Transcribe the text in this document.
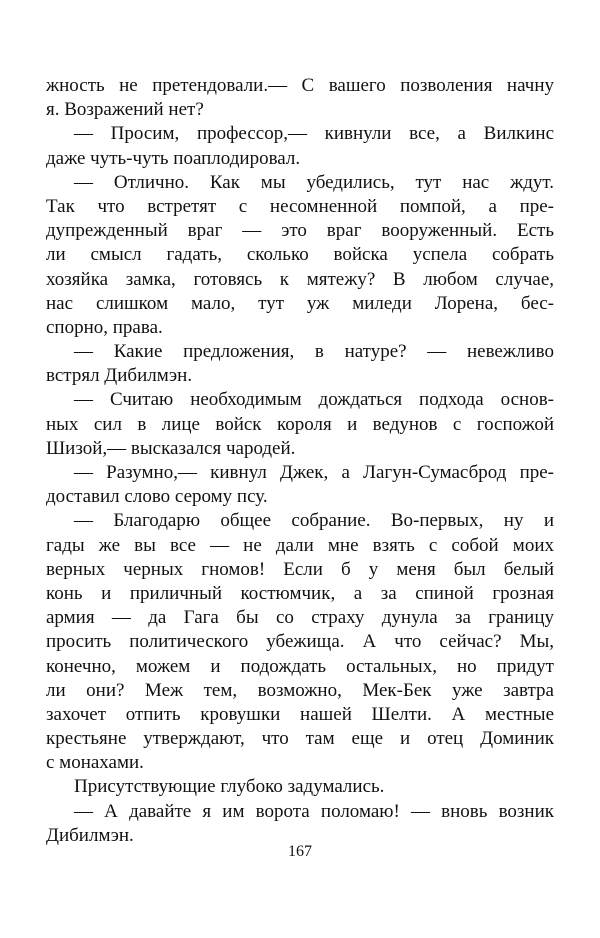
жность не претендовали.— С вашего позволения начну
я. Возражений нет?
— Просим, профессор,— кивнули все, а Вилкинс
даже чуть-чуть поаплодировал.
— Отлично. Как мы убедились, тут нас ждут.
Так что встретят с несомненной помпой, а пре-
дупрежденный враг — это враг вооруженный. Есть
ли смысл гадать, сколько войска успела собрать
хозяйка замка, готовясь к мятежу? В любом случае,
нас слишком мало, тут уж миледи Лорена, бес-
спорно, права.
— Какие предложения, в натуре? — невежливо
встрял Дибилмэн.
— Считаю необходимым дождаться подхода основ-
ных сил в лице войск короля и ведунов с госпожой
Шизой,— высказался чародей.
— Разумно,— кивнул Джек, а Лагун-Сумасброд пре-
доставил слово серому псу.
— Благодарю общее собрание. Во-первых, ну и
гады же вы все — не дали мне взять с собой моих
верных черных гномов! Если б у меня был белый
конь и приличный костюмчик, а за спиной грозная
армия — да Гага бы со страху дунула за границу
просить политического убежища. А что сейчас? Мы,
конечно, можем и подождать остальных, но придут
ли они? Меж тем, возможно, Мек-Бек уже завтра
захочет отпить кровушки нашей Шелти. А местные
крестьяне утверждают, что там еще и отец Доминик
с монахами.
Присутствующие глубоко задумались.
— А давайте я им ворота поломаю! — вновь возник
Дибилмэн.
167
